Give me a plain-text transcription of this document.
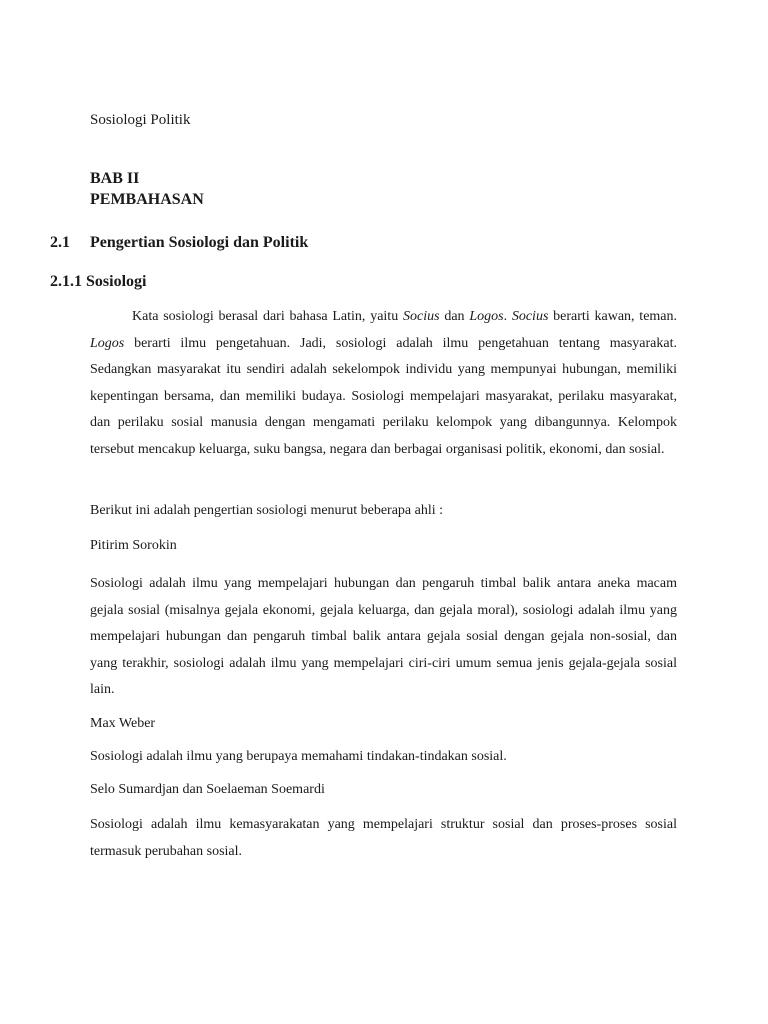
Sosiologi Politik
BAB II
PEMBAHASAN
2.1 Pengertian Sosiologi dan Politik
2.1.1 Sosiologi
Kata sosiologi berasal dari bahasa Latin, yaitu Socius dan Logos. Socius berarti kawan, teman. Logos berarti ilmu pengetahuan. Jadi, sosiologi adalah ilmu pengetahuan tentang masyarakat. Sedangkan masyarakat itu sendiri adalah sekelompok individu yang mempunyai hubungan, memiliki kepentingan bersama, dan memiliki budaya. Sosiologi mempelajari masyarakat, perilaku masyarakat, dan perilaku sosial manusia dengan mengamati perilaku kelompok yang dibangunnya. Kelompok tersebut mencakup keluarga, suku bangsa, negara dan berbagai organisasi politik, ekonomi, dan sosial.
Berikut ini adalah pengertian sosiologi menurut beberapa ahli :
Pitirim Sorokin
Sosiologi adalah ilmu yang mempelajari hubungan dan pengaruh timbal balik antara aneka macam gejala sosial (misalnya gejala ekonomi, gejala keluarga, dan gejala moral), sosiologi adalah ilmu yang mempelajari hubungan dan pengaruh timbal balik antara gejala sosial dengan gejala non-sosial, dan yang terakhir, sosiologi adalah ilmu yang mempelajari ciri-ciri umum semua jenis gejala-gejala sosial lain.
Max Weber
Sosiologi adalah ilmu yang berupaya memahami tindakan-tindakan sosial.
Selo Sumardjan dan Soelaeman Soemardi
Sosiologi adalah ilmu kemasyarakatan yang mempelajari struktur sosial dan proses-proses sosial termasuk perubahan sosial.
